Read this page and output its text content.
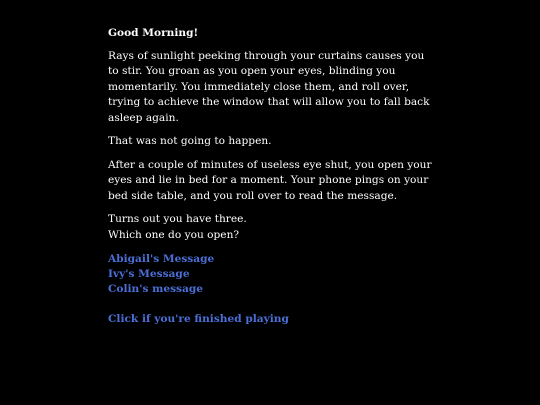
Good Morning!

Rays of sunlight peeking through your curtains causes you to stir. You groan as you open your eyes, blinding you momentarily. You immediately close them, and roll over, trying to achieve the window that will allow you to fall back asleep again.

That was not going to happen.

After a couple of minutes of useless eye shut, you open your eyes and lie in bed for a moment. Your phone pings on your bed side table, and you roll over to read the message.

Turns out you have three.
Which one do you open?

Abigail's Message
Ivy's Message
Colin's message
Click if you're finished playing
